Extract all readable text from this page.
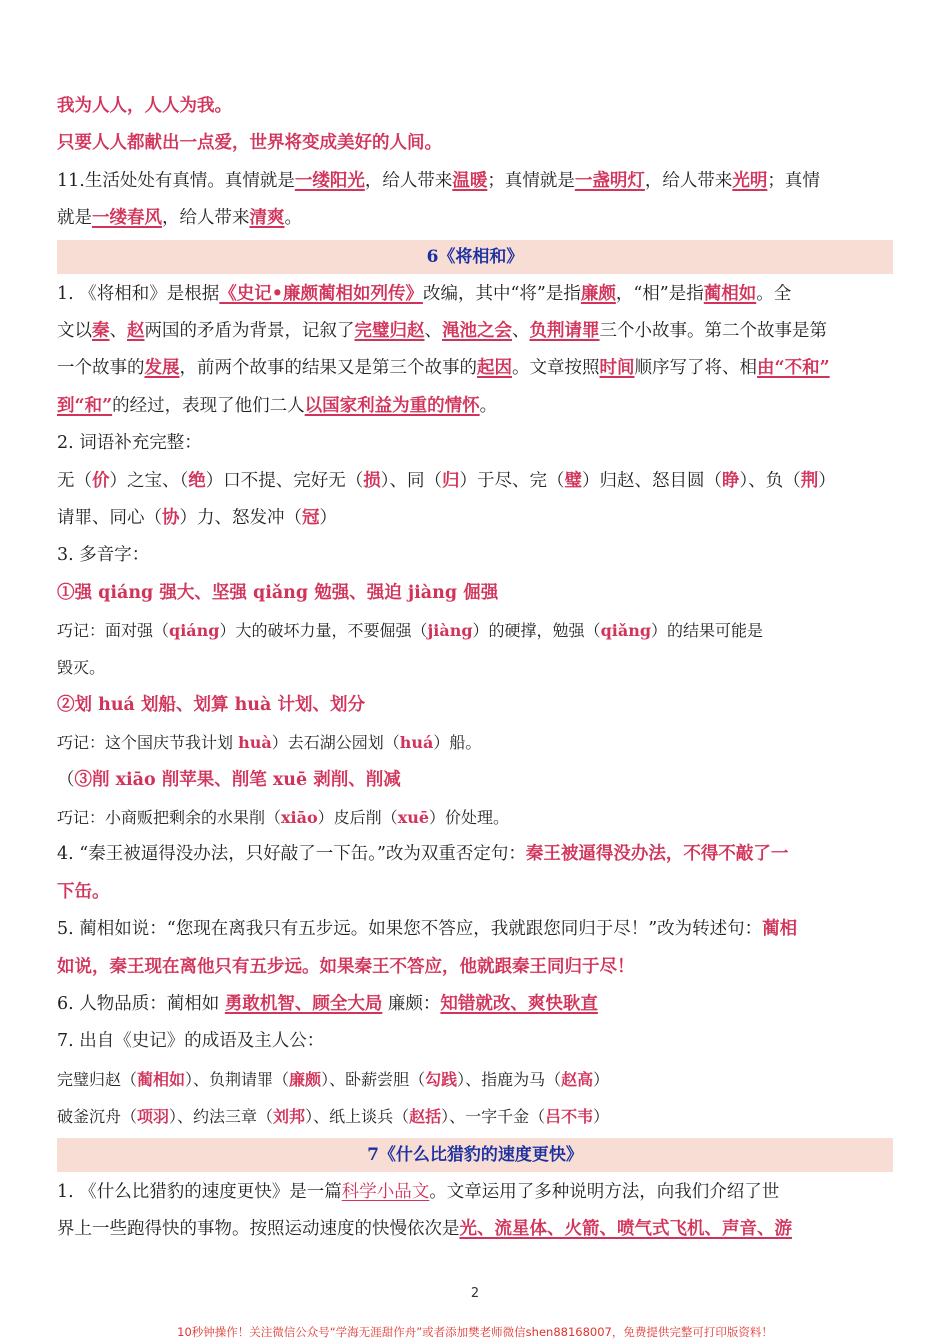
我为人人，人人为我。
只要人人都献出一点爱，世界将变成美好的人间。
11.生活处处有真情。真情就是一缕阳光，给人带来温暖；真情就是一盏明灯，给人带来光明；真情
就是一缕春风，给人带来清爽。
6《将相和》
1. 《将相和》是根据《史记•廉颇蔺相如列传》改编，其中“将”是指廉颇，“相”是指蔺相如。全
文以秦、赵两国的矛盾为背景，记叙了完璧归赵、渑池之会、负荆请罪三个小故事。第二个故事是第
一个故事的发展，前两个故事的结果又是第三个故事的起因。文章按照时间顺序写了将、相由“不和”
到“和”的经过，表现了他们二人以国家利益为重的情怀。
2. 词语补充完整：
无（价）之宝、（绝）口不提、完好无（损）、同（归）于尽、完（璧）归赵、怒目圆（睁）、负（荆）
请罪、同心（协）力、怒发冲（冠）
3. 多音字：
①强 qiáng 强大、坚强 qiǎng 勉强、强迫 jiàng 倔强
巧记：面对强（qiáng）大的破坏力量，不要倔强（jiàng）的硬撑，勉强（qiǎng）的结果可能是
毁灭。
②划 huá 划船、划算 huà 计划、划分
巧记：这个国庆节我计划 huà）去石湖公园划（huá）船。
（③削 xiāo 削苹果、削笔 xuē 剥削、削减
巧记：小商贩把剩余的水果削（xiāo）皮后削（xuē）价处理。
4. “秦王被逼得没办法，只好敲了一下缶。”改为双重否定句：秦王被逼得没办法，不得不敲了一
下缶。
5. 蔺相如说：“您现在离我只有五步远。如果您不答应，我就跟您同归于尽！”改为转述句：蔺相
如说，秦王现在离他只有五步远。如果秦王不答应，他就跟秦王同归于尽！
6. 人物品质：蔺相如 勇敢机智、顾全大局 廉颇：知错就改、爽快耿直
7. 出自《史记》的成语及主人公：
完璧归赵（蔺相如）、负荆请罪（廉颇）、卧薪尝胆（勾践）、指鹿为马（赵高）
破釜沉舟（项羽）、约法三章（刘邦）、纸上谈兵（赵括）、一字千金（吕不韦）
7《什么比猎豹的速度更快》
1. 《什么比猎豹的速度更快》是一篇科学小品文。文章运用了多种说明方法，向我们介绍了世
界上一些跑得快的事物。按照运动速度的快慢依次是光、流星体、火箭、喷气式飞机、声音、游
2
10秒钟操作！关注微信公众号“学海无涯甜作舟”或者添加樊老师微信shen88168007，免费提供完整可打印版资料！
